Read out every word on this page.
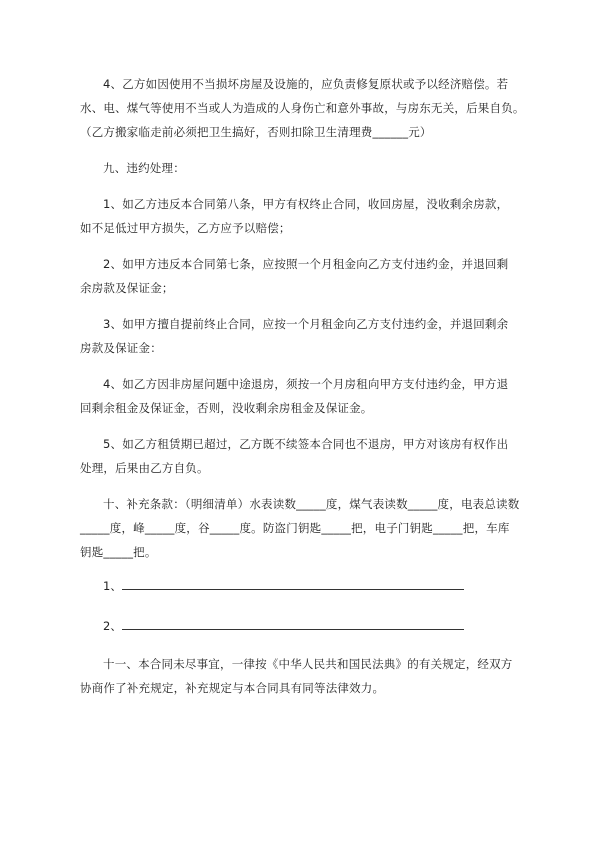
4、乙方如因使用不当损坏房屋及设施的，应负责修复原状或予以经济赔偿。若
水、电、煤气等使用不当或人为造成的人身伤亡和意外事故，与房东无关，后果自负。
（乙方搬家临走前必须把卫生搞好，否则扣除卫生清理费______元）
九、违约处理：
1、如乙方违反本合同第八条，甲方有权终止合同，收回房屋，没收剩余房款，
如不足低过甲方损失，乙方应予以赔偿；
2、如甲方违反本合同第七条，应按照一个月租金向乙方支付违约金，并退回剩
余房款及保证金；
3、如甲方擅自提前终止合同，应按一个月租金向乙方支付违约金，并退回剩余
房款及保证金：
4、如乙方因非房屋问题中途退房，须按一个月房租向甲方支付违约金，甲方退
回剩余租金及保证金，否则，没收剩余房租金及保证金。
5、如乙方租赁期已超过，乙方既不续签本合同也不退房，甲方对该房有权作出
处理，后果由乙方自负。
十、补充条款：（明细清单）水表读数_____度，煤气表读数_____度，电表总读数
_____度，峰_____度，谷_____度。防盗门钥匙_____把，电子门钥匙_____把，车库
钥匙_____把。
1、
2、
十一、本合同未尽事宜，一律按《中华人民共和国民法典》的有关规定，经双方
协商作了补充规定，补充规定与本合同具有同等法律效力。
